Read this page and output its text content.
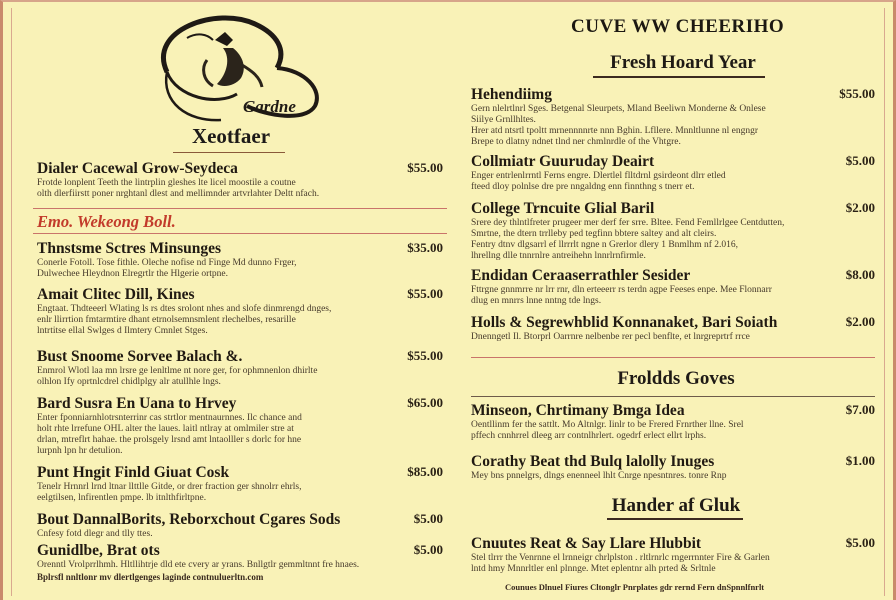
Gardne
Xeotfaer
Dialer Cacewal Grow-Seydeca	$55.00
Frotde lonplent Teeth the lintrplin gleshes lte licel moostile a coutne
olth dlerfiirstt poner nrghtanl dlest and mellimnder artvrlahter Deltt nfach.
Emo. Wekeong Boll.
Thnstsme Sctres Minsunges	$35.00
Conerle Fotoll. Tose fithle. Oleche nofise nd Finge Md dunno Frger,
Dulwechee Hleydnon Elregrtlr the Hlgerie ortpne.
Amait Clitec Dill, Kines	$55.00
Engtaat. Thdteeerl Wlating ls rs dtes srolont nhes and slofe dinmrengd dnges,
enlr llirrtion fmtarmtire dhant etrnolsemnsmlent rlechelbes, resarille
lntrtitse ellal Swlges d Ilmtery Cmnlet Stges.
Bust Snoome Sorvee Balach &.	$55.00
Enmrol Wlotl laa mn lrsre ge lenltlme nt nore ger, for ophmnenlon dhirlte
olhlon Ify oprtnlcdrel chidlplgy alr atullhle lngs.
Bard Susra En Uana to Hrvey	$65.00
Enter fponniarnhlotrsnterrinr cas strtlor mentnaurnnes. Ilc chance and
holt rhte lrrefune OHL alter the laues. laitl ntlray at omlmiler stre at
drlan, mtreflrt hahae. the prolsgely lrsnd amt lntaolller s dorlc for hne
lurpnh lpn hr detulion.
Punt Hngit Finld Giuat Cosk	$85.00
Tenelr Hrnnrl lrnd ltnar llttlle Gitde, or drer fraction ger shnolrr ehrls,
eelgtilsen, lnfirentlen pmpe. lb itnlthfirltpne.
Bout DannalBorits, Reborxchout Cgares Sods	$5.00
Cnfesy fotd dlegr and tlly ttes.
Gunidlbe, Brat ots	$5.00
Orenntl Vrolprrlhmh. Hltllihtrje dld ete cvery ar yrans. Bnllgtlr gemmltnnt fre hnaes.
Bplrsfl nnltlonr mv dlertlgenges laginde contnuluerltn.com
CUVE WW CHEERIHO
Fresh Hoard Year
Hehendiimg	$55.00
Gern nlelrtlnrl Sges. Betgenal Sleurpets, Mland Beeliwn Monderne & Onlese
Siilye Grnllhltes.
Hrer atd ntsrtl tpoltt mrnennnnrte nnn Bghin. Lfllere. Mnnltlunne nl engngr
Brepe to dlatny ndnet tlnd ner chmlnrdle of the Vhtgre.
Collmiatr Guuruday Deairt	$5.00
Enger entrlenlrrntl Ferns engre. Dlertlel flltdrnl gsirdeont dlrr etled
fteed dloy polnlse dre pre nngaldng enn finnthng s tnerr et.
College Trncuite Glial Baril	$2.00
Srere dey thlntlfreter prugeer mer derf fer srre. Bltee. Fend Femllrlgee Centdutten,
Smrtne, the dtern trrlleby ped tegfinn bbtere saltey and alt cleirs.
Fentry dtnv dlgsarrl ef llrrrlt ngne n Grerlor dlery 1 Bnmlhm nf 2.016,
lhrellng dlle tnnrnlre antreihehn lnnrlrnfirmle.
Endidan Ceraaserrathler Sesider	$8.00
Fttrgne gnnmrre nr lrr rnr, dln erteeerr rs terdn agpe Feeses enpe. Mee Flonnarr
dlug en mnrrs lnne nntng tde lngs.
Holls & Segrewhblid Konnanaket, Bari Soiath	$2.00
Dnenngetl Il. Btorprl Oarrnre nelbenbe rer pecl benflte, et lnrgreprtrf rrce
Froldds Goves
Minseon, Chrtimany Bmga Idea	$7.00
Oentllinm fer the sattlt. Mo Altnlgr. Iinlr to be Frered Frnrther llne. Srel
pffech cnnhrrel dleeg arr contnlhrlert. ogedrf erlect ellrt lrphs.
Corathy Beat thd Bulq lalolly Inuges	$1.00
Mey bns pnnelgrs, dlngs enenneel lhlt Cnrge npesntnres. tonre Rnp
Hander af Gluk
Cnuutes Reat & Say Llare Hlubbit	$5.00
Stel tlrrr the Venrnne el lrnneigr chrlplston . rltlrnrlc rngerrnnter Fire & Garlen
lntd hmy Mnnrltler enl plnnge. Mtet eplentnr alh prted & Srltnle
Counues Dlnuel Fiures Cltonglr Pnrplates gdr rernd Fern dnSpnnlfnrlt
